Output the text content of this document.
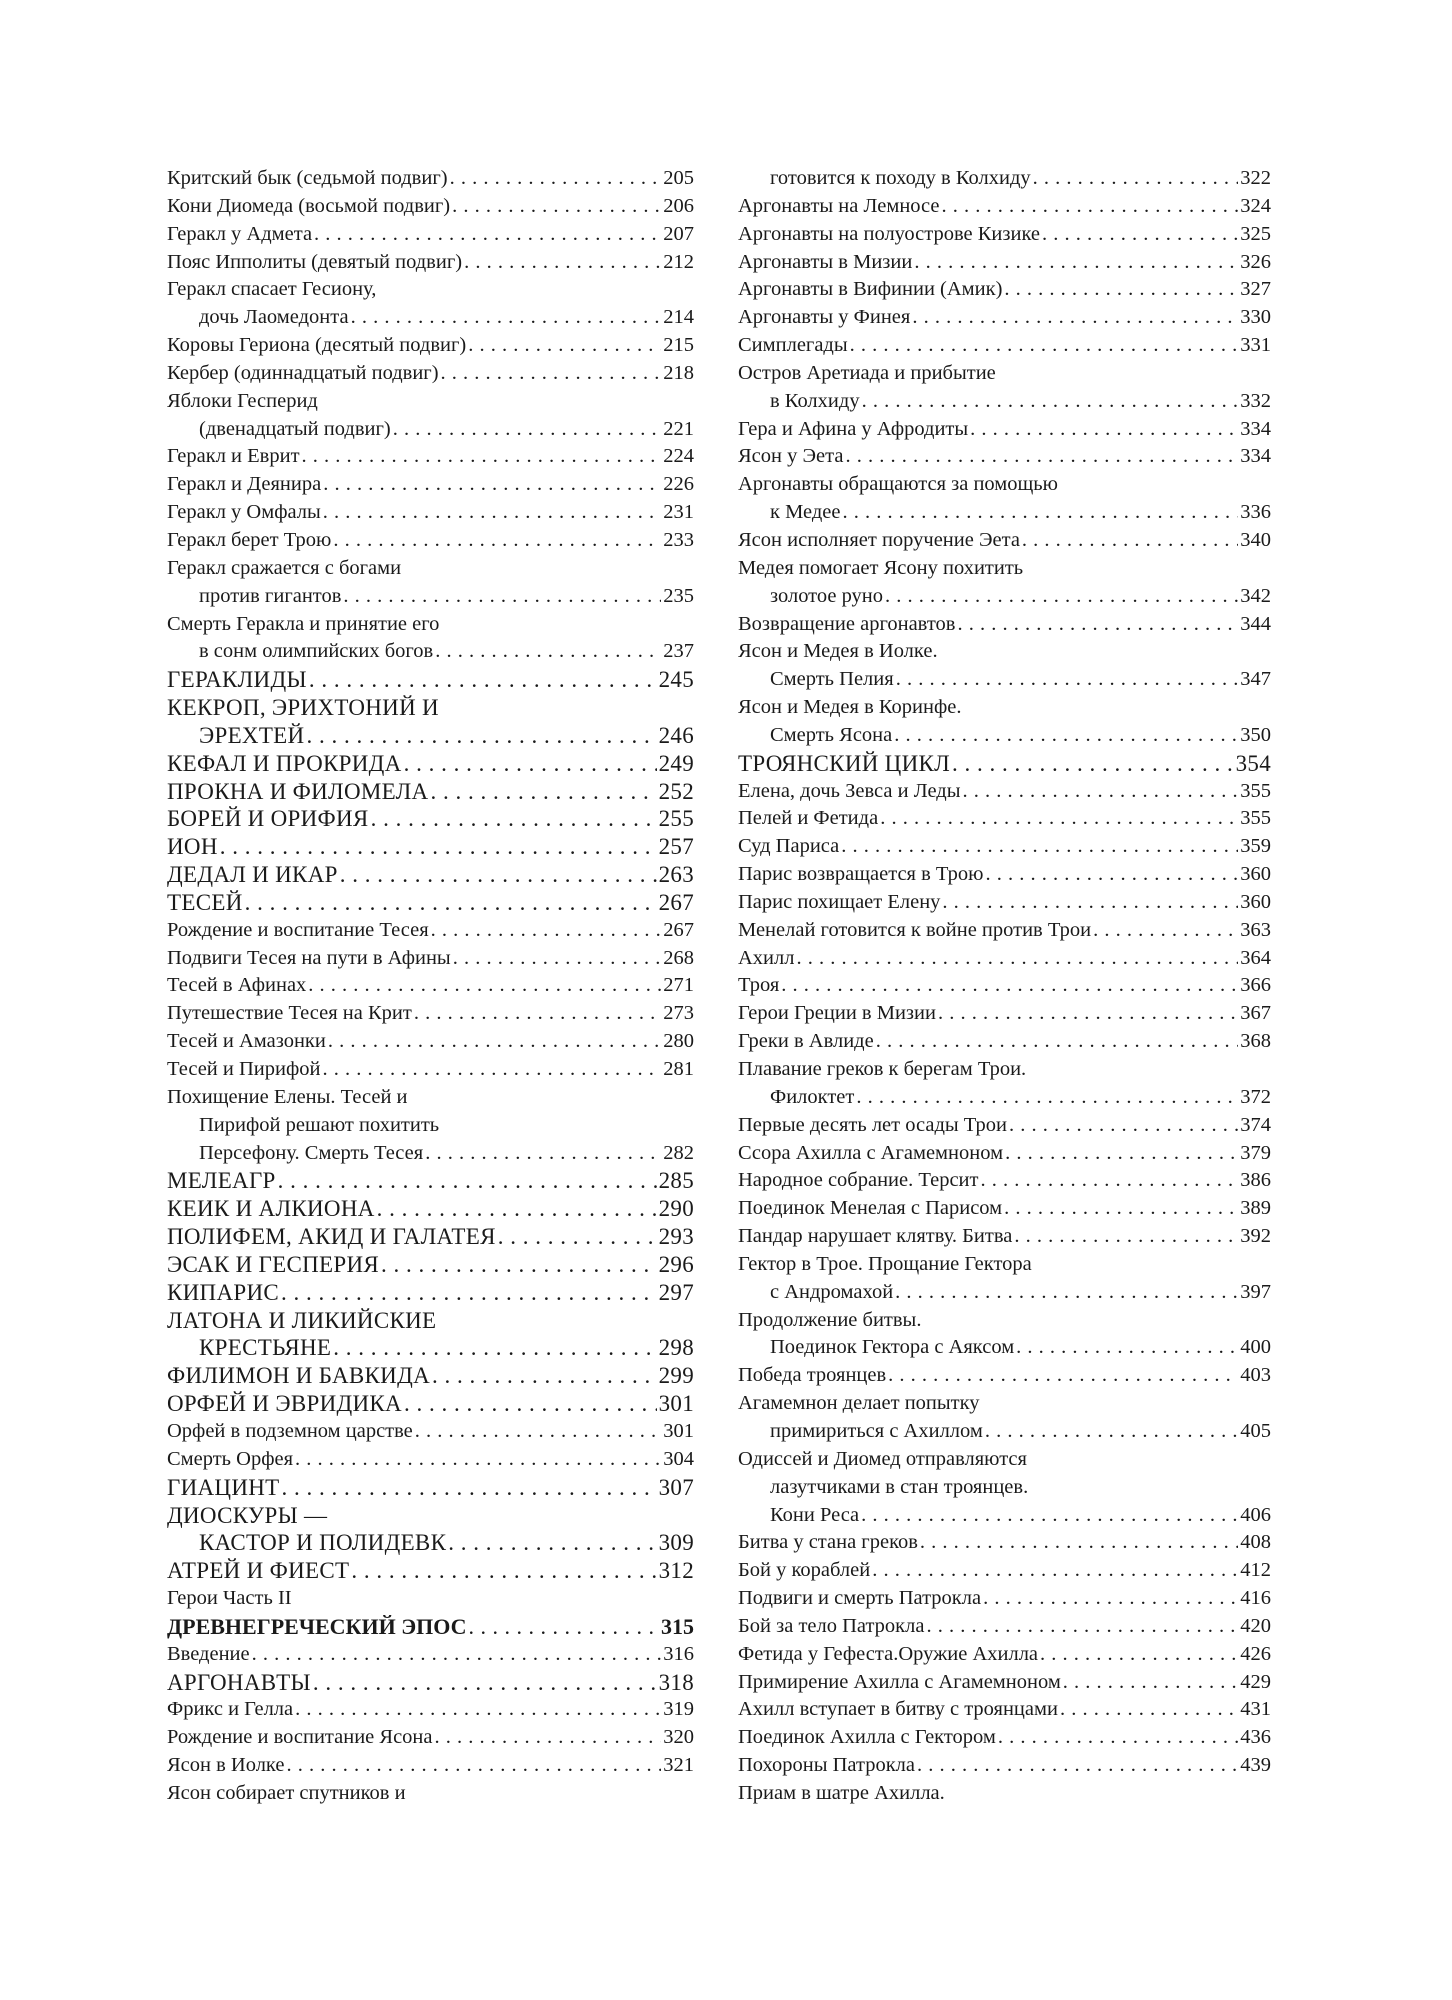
Критский бык (седьмой подвиг) . . .	205
Кони Диомеда (восьмой подвиг) . . .	206
Геракл у Адмета . . .	207
Пояс Ипполиты (девятый подвиг) . . .	212
Геракл спасает Гесиону,
дочь Лаомедонта . . .	214
Коровы Гериона (десятый подвиг) . . .	215
Кербер (одиннадцатый подвиг) . . .	218
Яблоки Гесперид
(двенадцатый подвиг) . . .	221
Геракл и Еврит . . .	224
Геракл и Деянира . . .	226
Геракл у Омфалы . . .	231
Геракл берет Трою . . .	233
Геракл сражается с богами
против гигантов . . .	235
Смерть Геракла и принятие его
в сонм олимпийских богов . . .	237
ГЕРАКЛИДЫ . . .	245
КЕКРОП, ЭРИХТОНИЙ И
ЭРЕХТЕЙ . . .	246
КЕФАЛ И ПРОКРИДА . . .	249
ПРОКНА И ФИЛОМЕЛА . . .	252
БОРЕЙ И ОРИФИЯ . . .	255
ИОН . . .	257
ДЕДАЛ И ИКАР . . .	263
ТЕСЕЙ . . .	267
Рождение и воспитание Тесея . . .	267
Подвиги Тесея на пути в Афины . . .	268
Тесей в Афинах . . .	271
Путешествие Тесея на Крит . . .	273
Тесей и Амазонки . . .	280
Тесей и Пирифой . . .	281
Похищение Елены. Тесей и
Пирифой решают похитить
Персефону. Смерть Тесея . . .	282
МЕЛЕАГР . . .	285
КЕИК И АЛКИОНА . . .	290
ПОЛИФЕМ, АКИД И ГАЛАТЕЯ . . .	293
ЭСАК И ГЕСПЕРИЯ . . .	296
КИПАРИС . . .	297
ЛАТОНА И ЛИКИЙСКИЕ
КРЕСТЬЯНЕ . . .	298
ФИЛИМОН И БАВКИДА . . .	299
ОРФЕЙ И ЭВРИДИКА . . .	301
Орфей в подземном царстве . . .	301
Смерть Орфея . . .	304
ГИАЦИНТ . . .	307
ДИОСКУРЫ —
КАСТОР И ПОЛИДЕВК . . .	309
АТРЕЙ И ФИЕСТ . . .	312
Герои Часть II
ДРЕВНЕГРЕЧЕСКИЙ ЭПОС . . .	315
Введение . . .	316
АРГОНАВТЫ . . .	318
Фрикс и Гелла . . .	319
Рождение и воспитание Ясона . . .	320
Ясон в Иолке . . .	321
Ясон собирает спутников и
готовится к походу в Колхиду . . .	322
Аргонавты на Лемносе . . .	324
Аргонавты на полуострове Кизике . . .	325
Аргонавты в Мизии . . .	326
Аргонавты в Вифинии (Амик) . . .	327
Аргонавты у Финея . . .	330
Симплегады . . .	331
Остров Аретиада и прибытие
в Колхиду . . .	332
Гера и Афина у Афродиты . . .	334
Ясон у Эета . . .	334
Аргонавты обращаются за помощью
к Медее . . .	336
Ясон исполняет поручение Эета . . .	340
Медея помогает Ясону похитить
золотое руно . . .	342
Возвращение аргонавтов . . .	344
Ясон и Медея в Иолке.
Смерть Пелия . . .	347
Ясон и Медея в Коринфе.
Смерть Ясона . . .	350
ТРОЯНСКИЙ ЦИКЛ . . .	354
Елена, дочь Зевса и Леды . . .	355
Пелей и Фетида . . .	355
Суд Париса . . .	359
Парис возвращается в Трою . . .	360
Парис похищает Елену . . .	360
Менелай готовится к войне против Трои . . .	363
Ахилл . . .	364
Троя . . .	366
Герои Греции в Мизии . . .	367
Греки в Авлиде . . .	368
Плавание греков к берегам Трои.
Филоктет . . .	372
Первые десять лет осады Трои . . .	374
Ссора Ахилла с Агамемноном . . .	379
Народное собрание. Терсит . . .	386
Поединок Менелая с Парисом . . .	389
Пандар нарушает клятву. Битва . . .	392
Гектор в Трое. Прощание Гектора
с Андромахой . . .	397
Продолжение битвы.
Поединок Гектора с Аяксом . . .	400
Победа троянцев . . .	403
Агамемнон делает попытку
примириться с Ахиллом . . .	405
Одиссей и Диомед отправляются
лазутчиками в стан троянцев.
Кони Реса . . .	406
Битва у стана греков . . .	408
Бой у кораблей . . .	412
Подвиги и смерть Патрокла . . .	416
Бой за тело Патрокла . . .	420
Фетида у Гефеста.Оружие Ахилла . . .	426
Примирение Ахилла с Агамемноном . . .	429
Ахилл вступает в битву с троянцами . . .	431
Поединок Ахилла с Гектором . . .	436
Похороны Патрокла . . .	439
Приам в шатре Ахилла.
